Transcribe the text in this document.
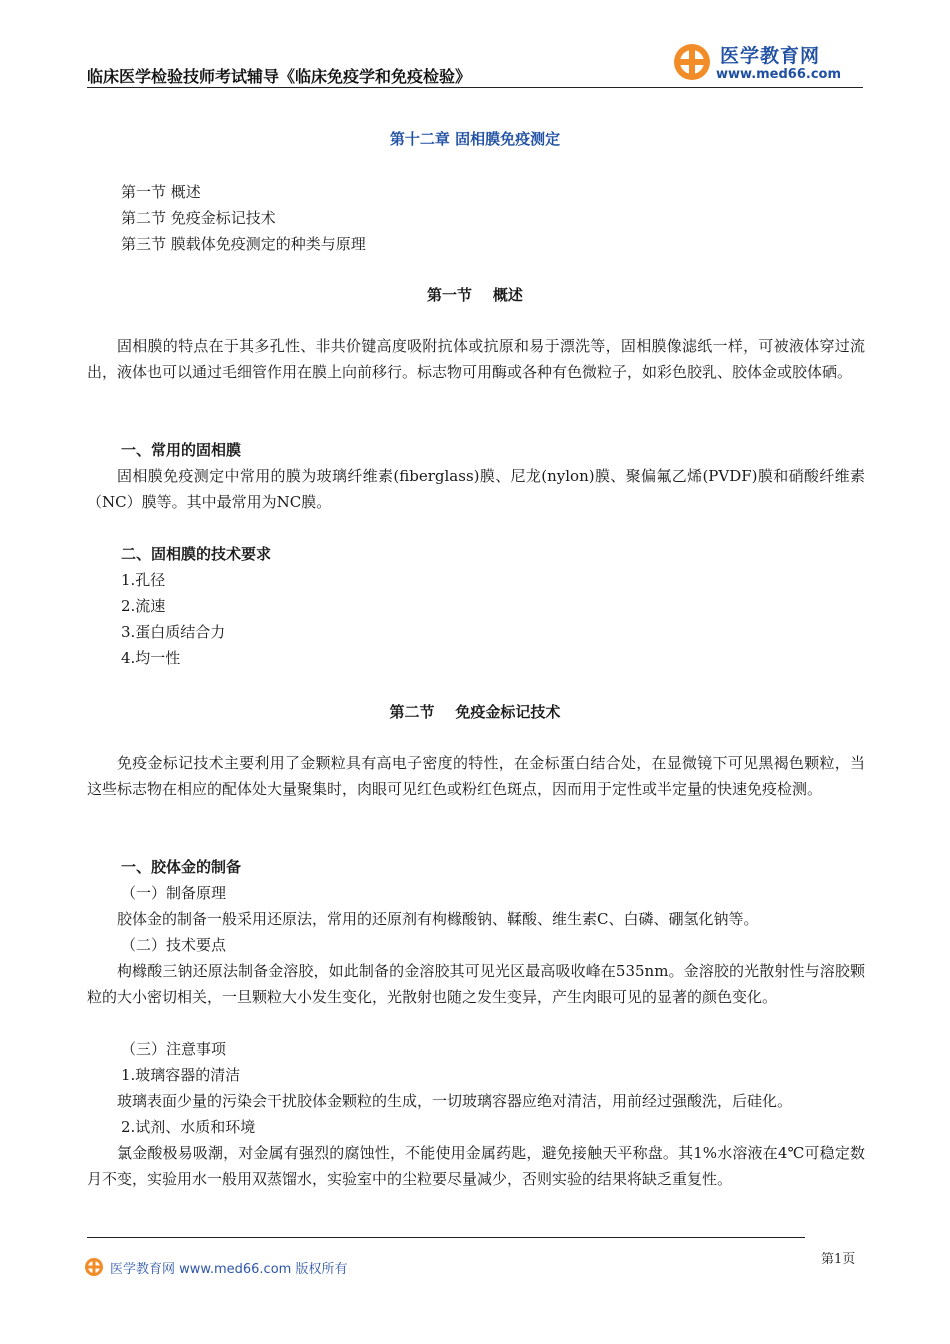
临床医学检验技师考试辅导《临床免疫学和免疫检验》
医学教育网
www.med66.com
第十二章 固相膜免疫测定
第一节 概述
第二节 免疫金标记技术
第三节 膜载体免疫测定的种类与原理
第一节    概述
固相膜的特点在于其多孔性、非共价键高度吸附抗体或抗原和易于漂洗等，固相膜像滤纸一样，可被液体穿过流出，液体也可以通过毛细管作用在膜上向前移行。标志物可用酶或各种有色微粒子，如彩色胶乳、胶体金或胶体硒。
一、常用的固相膜
固相膜免疫测定中常用的膜为玻璃纤维素(fiberglass)膜、尼龙(nylon)膜、聚偏氟乙烯(PVDF)膜和硝酸纤维素（NC）膜等。其中最常用为NC膜。
二、固相膜的技术要求
1.孔径
2.流速
3.蛋白质结合力
4.均一性
第二节    免疫金标记技术
免疫金标记技术主要利用了金颗粒具有高电子密度的特性，在金标蛋白结合处，在显微镜下可见黑褐色颗粒，当这些标志物在相应的配体处大量聚集时，肉眼可见红色或粉红色斑点，因而用于定性或半定量的快速免疫检测。
一、胶体金的制备
（一）制备原理
胶体金的制备一般采用还原法，常用的还原剂有枸橼酸钠、鞣酸、维生素C、白磷、硼氢化钠等。
（二）技术要点
枸橼酸三钠还原法制备金溶胶，如此制备的金溶胶其可见光区最高吸收峰在535nm。金溶胶的光散射性与溶胶颗粒的大小密切相关，一旦颗粒大小发生变化，光散射也随之发生变异，产生肉眼可见的显著的颜色变化。
（三）注意事项
1.玻璃容器的清洁
玻璃表面少量的污染会干扰胶体金颗粒的生成，一切玻璃容器应绝对清洁，用前经过强酸洗，后硅化。
2.试剂、水质和环境
氯金酸极易吸潮，对金属有强烈的腐蚀性，不能使用金属药匙，避免接触天平称盘。其1%水溶液在4℃可稳定数月不变，实验用水一般用双蒸馏水，实验室中的尘粒要尽量减少，否则实验的结果将缺乏重复性。
医学教育网 www.med66.com 版权所有
第1页
